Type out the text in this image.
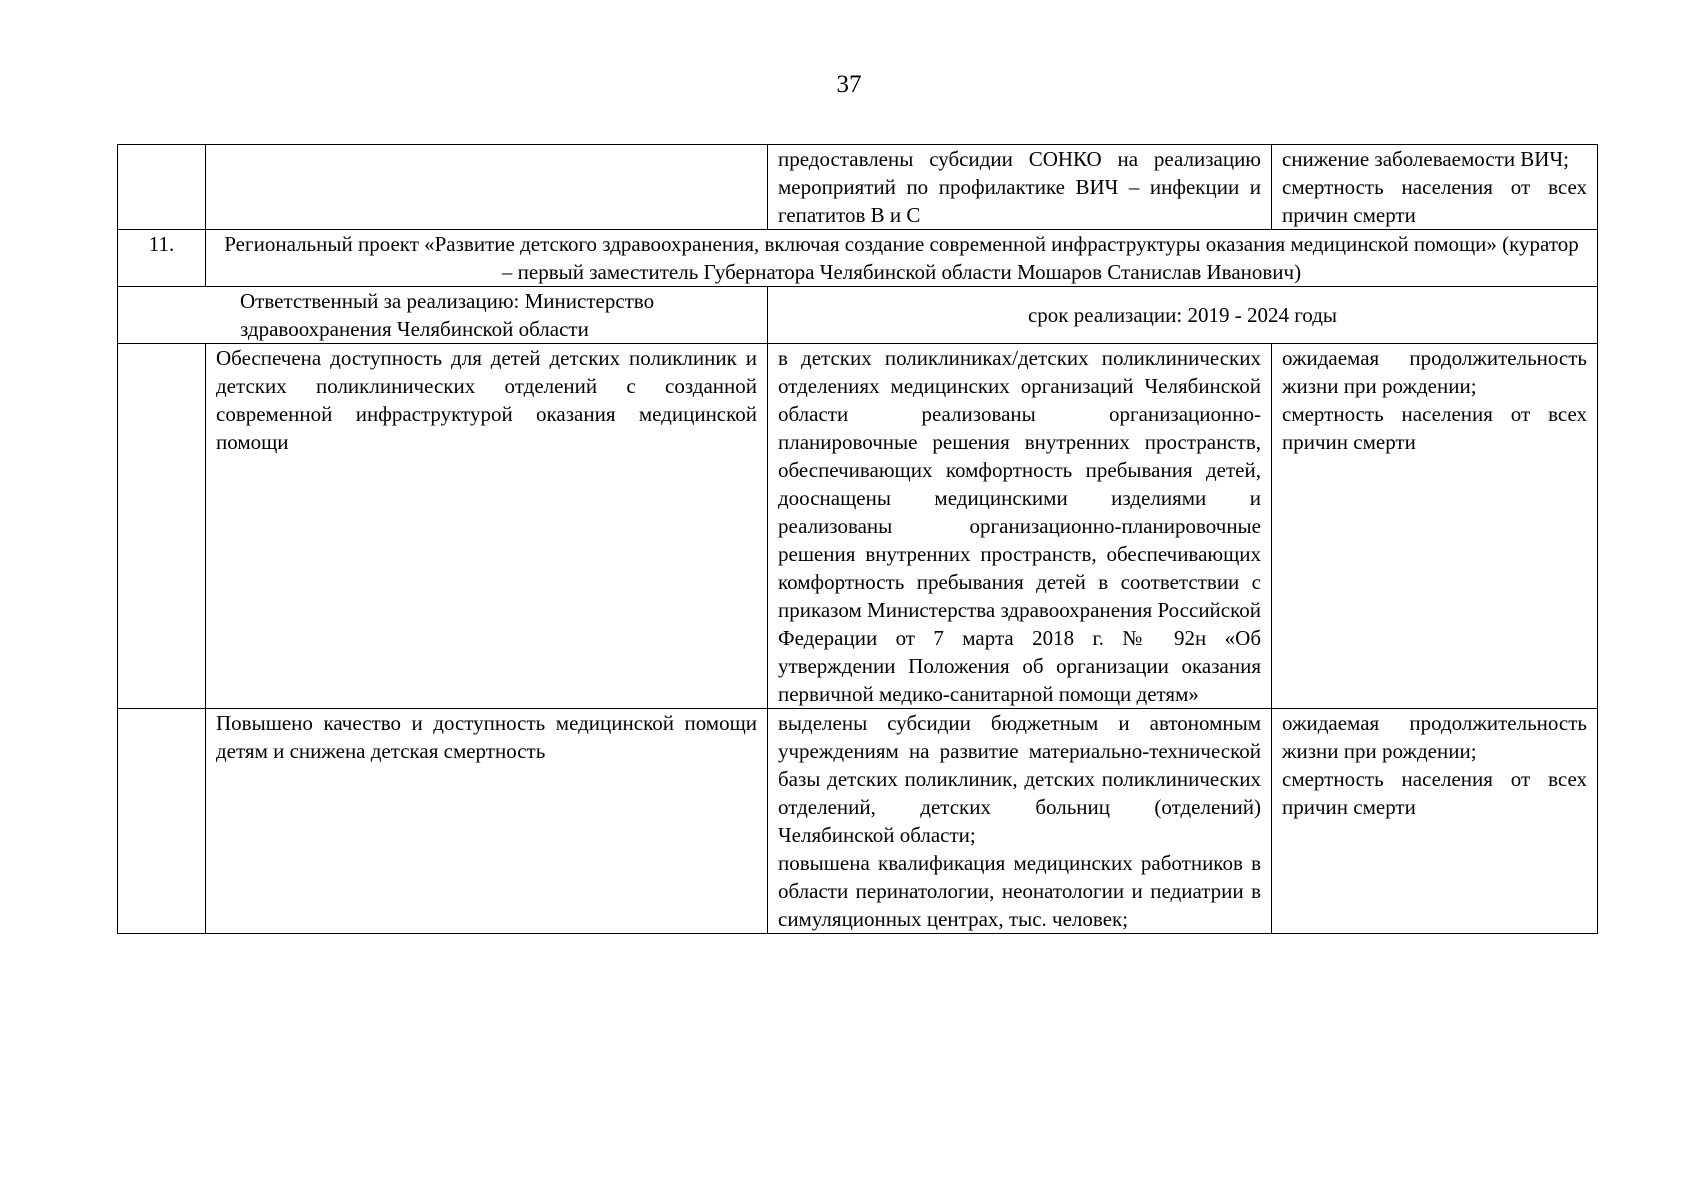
37
		предоставлены субсидии СОНКО на реализацию мероприятий по профилактике ВИЧ – инфекции и гепатитов В и С	снижение заболеваемости ВИЧ;
смертность населения от всех причин смерти

11.	Региональный проект «Развитие детского здравоохранения, включая создание современной инфраструктуры оказания медицинской помощи» (куратор – первый заместитель Губернатора Челябинской области Мошаров Станислав Иванович)		
Ответственный за реализацию: Министерство здравоохранения Челябинской области		срок реализации: 2019 - 2024 годы	
	Обеспечена доступность для детей детских поликлиник и детских поликлинических отделений с созданной современной инфраструктурой оказания медицинской помощи	в детских поликлиниках/детских поликлинических отделениях медицинских организаций Челябинской области реализованы организационно-планировочные решения внутренних пространств, обеспечивающих комфортность пребывания детей, дооснащены медицинскими изделиями и реализованы организационно-планировочные решения внутренних пространств, обеспечивающих комфортность пребывания детей в соответствии с приказом Министерства здравоохранения Российской Федерации от 7 марта 2018 г. № 92н «Об утверждении Положения об организации оказания первичной медико-санитарной помощи детям»	ожидаемая продолжительность жизни при рождении;
смертность населения от всех причин смерти

	Повышено качество и доступность медицинской помощи детям и снижена детская смертность	выделены субсидии бюджетным и автономным учреждениям на развитие материально-технической базы детских поликлиник, детских поликлинических отделений, детских больниц (отделений) Челябинской области;
повышена квалификация медицинских работников в области перинатологии, неонатологии и педиатрии в симуляционных центрах, тыс. человек;	ожидаемая продолжительность жизни при рождении;
смертность населения от всех причин смерти
